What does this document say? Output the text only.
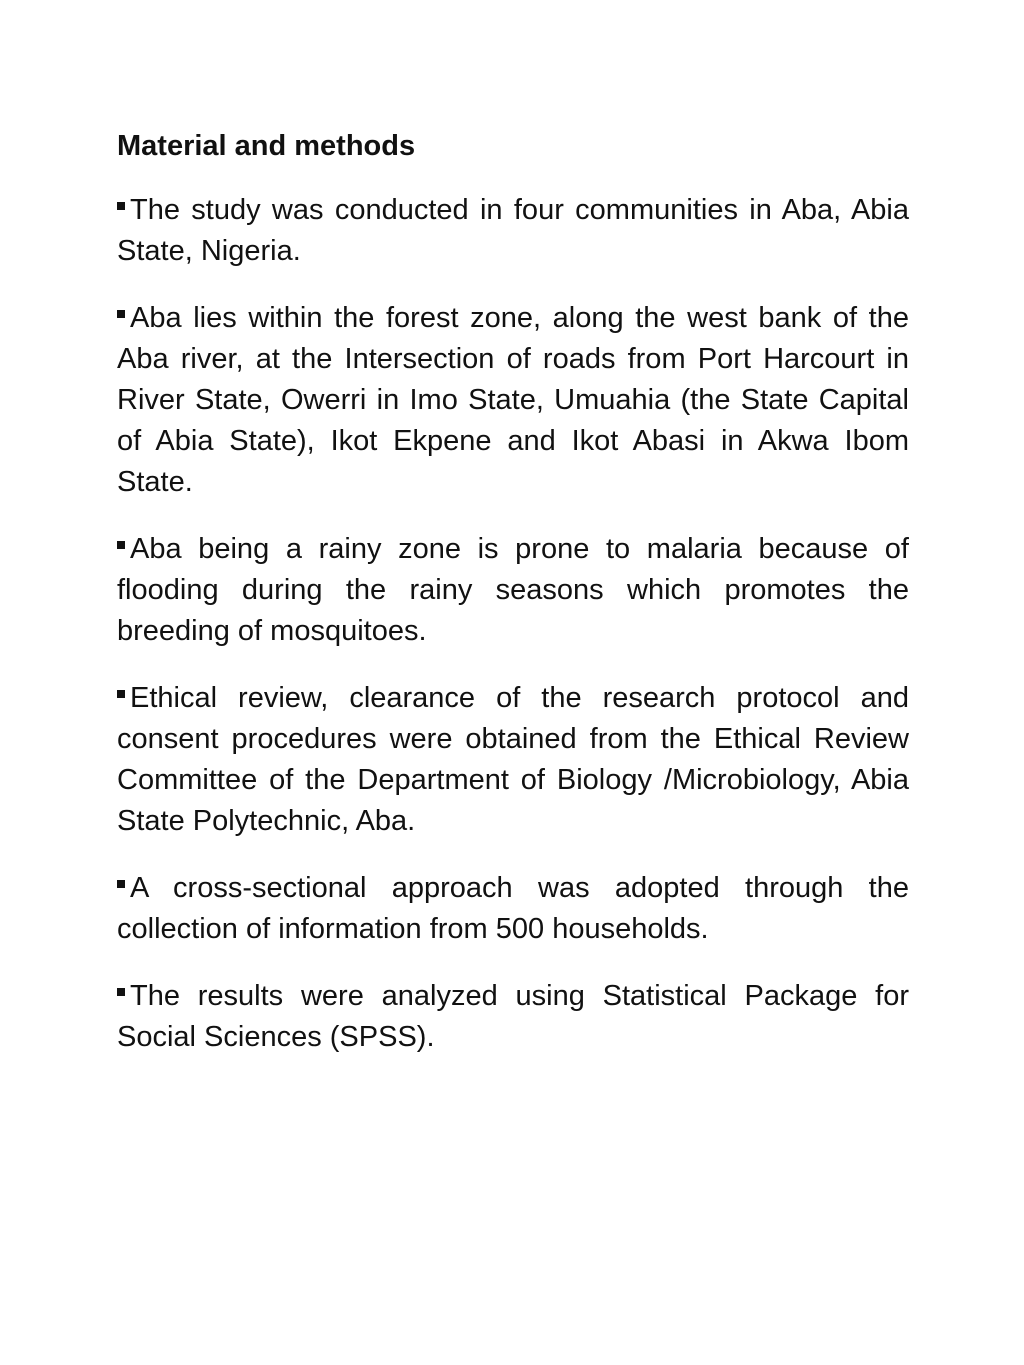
Material and methods
The study was conducted in four communities in Aba, Abia State, Nigeria.
Aba lies within the forest zone, along the west bank of the Aba river, at the Intersection of roads from Port Harcourt in River State, Owerri in Imo State, Umuahia (the State Capital of Abia State), Ikot Ekpene and Ikot Abasi in Akwa Ibom State.
Aba being a rainy zone is prone to malaria because of flooding during the rainy seasons which promotes the breeding of mosquitoes.
Ethical review, clearance of the research protocol and consent procedures were obtained from the Ethical Review Committee of the Department of Biology /Microbiology, Abia State Polytechnic, Aba.
A cross-sectional approach was adopted through the collection of information from 500 households.
The results were analyzed using Statistical Package for Social Sciences (SPSS).
